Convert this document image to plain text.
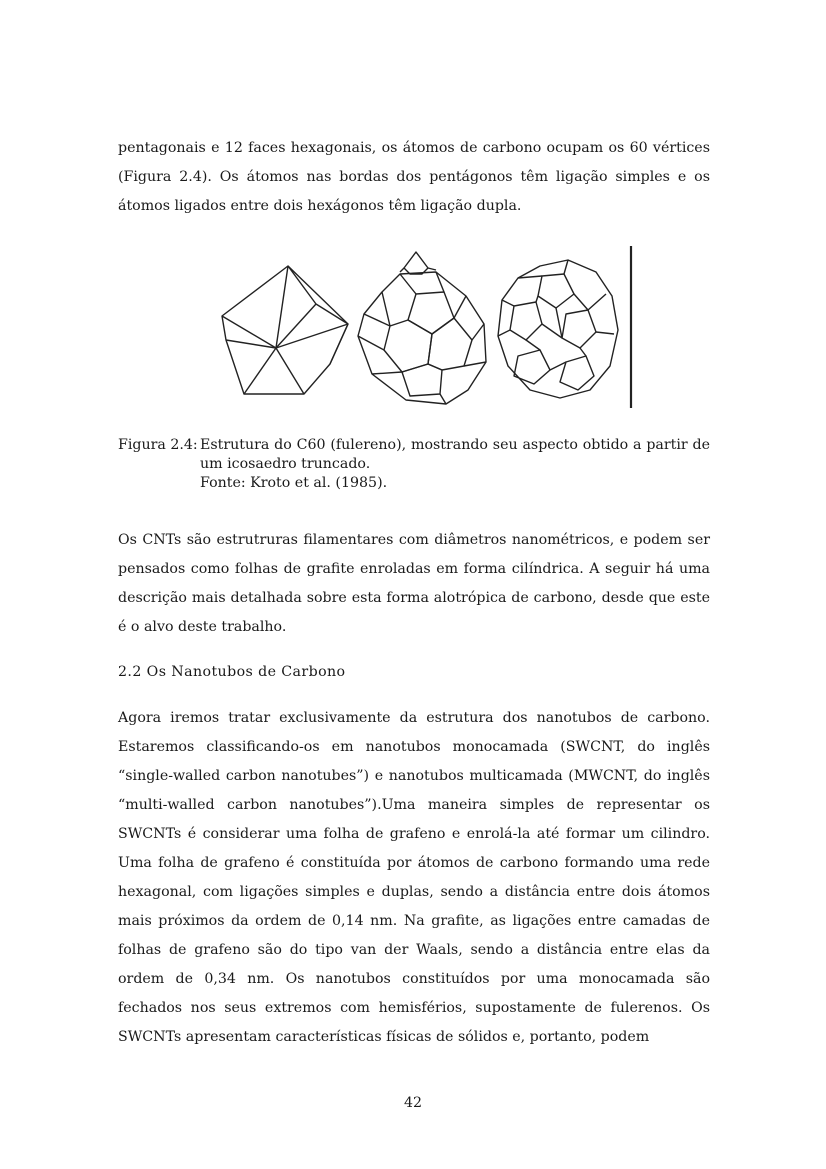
pentagonais e 12 faces hexagonais, os átomos de carbono ocupam os 60 vértices (Figura 2.4). Os átomos nas bordas dos pentágonos têm ligação simples e os átomos ligados entre dois hexágonos têm ligação dupla.

Figura 2.4: Estrutura do C60 (fulereno), mostrando seu aspecto obtido a partir de um icosaedro truncado.
Fonte: Kroto et al. (1985).

Os CNTs são estrutruras filamentares com diâmetros nanométricos, e podem ser pensados como folhas de grafite enroladas em forma cilíndrica. A seguir há uma descrição mais detalhada sobre esta forma alotrópica de carbono, desde que este é o alvo deste trabalho.

2.2 Os Nanotubos de Carbono

Agora iremos tratar exclusivamente da estrutura dos nanotubos de carbono. Estaremos classificando-os em nanotubos monocamada (SWCNT, do inglês “single-walled carbon nanotubes”) e nanotubos multicamada (MWCNT, do inglês “multi-walled carbon nanotubes”).Uma maneira simples de representar os SWCNTs é considerar uma folha de grafeno e enrolá-la até formar um cilindro. Uma folha de grafeno é constituída por átomos de carbono formando uma rede hexagonal, com ligações simples e duplas, sendo a distância entre dois átomos mais próximos da ordem de 0,14 nm. Na grafite, as ligações entre camadas de folhas de grafeno são do tipo van der Waals, sendo a distância entre elas da ordem de 0,34 nm. Os nanotubos constituídos por uma monocamada são fechados nos seus extremos com hemisférios, supostamente de fulerenos. Os SWCNTs apresentam características físicas de sólidos e, portanto, podem

42
